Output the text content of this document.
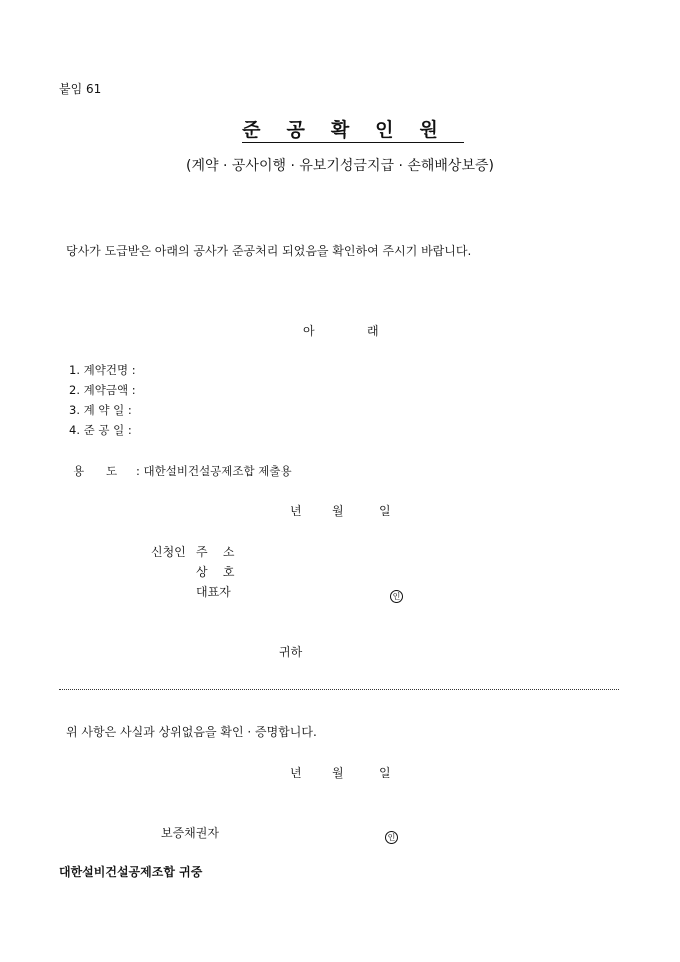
붙임 61
준공확인원
(계약 · 공사이행 · 유보기성금지급 · 손해배상보증)
당사가 도급받은 아래의 공사가 준공처리 되었음을 확인하여 주시기 바랍니다.
아	래
1. 계약건명 :
2. 계약금액 :
3. 계 약 일 :
4. 준 공 일 :
용      도 : 대한설비건설공제조합 제출용
년	월	일
신청인 주    소
상    호
대표자	인
귀하
위 사항은 사실과 상위없음을 확인 · 증명합니다.
년	월	일
보증채권자	인
대한설비건설공제조합 귀중
